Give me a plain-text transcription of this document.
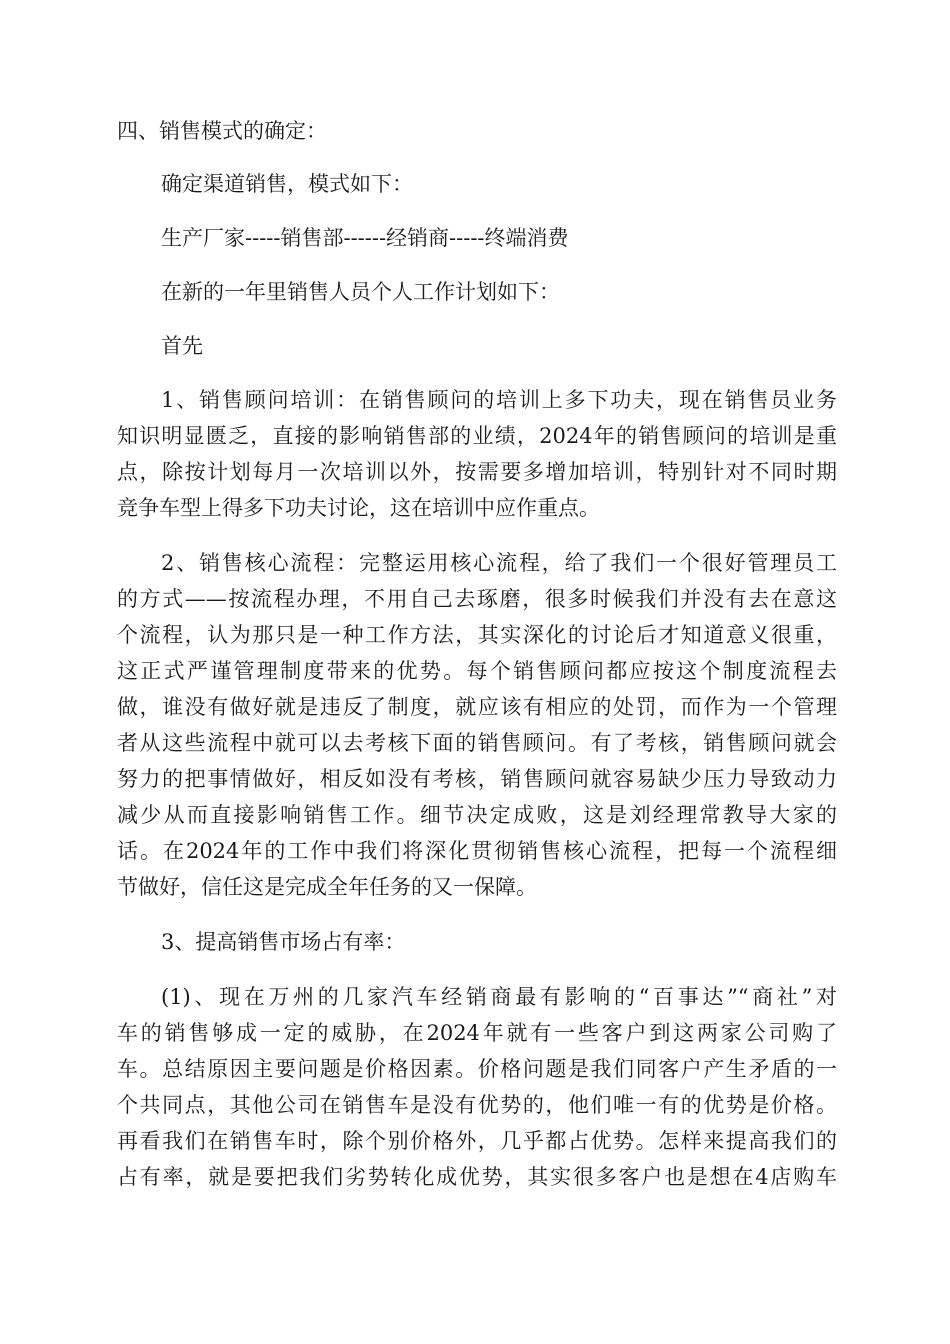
四、销售模式的确定：
确定渠道销售，模式如下：
生产厂家-----销售部------经销商-----终端消费
在新的一年里销售人员个人工作计划如下：
首先
1、销售顾问培训：在销售顾问的培训上多下功夫，现在销售员业务
知识明显匮乏，直接的影响销售部的业绩，2024年的销售顾问的培训是重
点，除按计划每月一次培训以外，按需要多增加培训，特别针对不同时期
竞争车型上得多下功夫讨论，这在培训中应作重点。
2、销售核心流程：完整运用核心流程，给了我们一个很好管理员工
的方式——按流程办理，不用自己去琢磨，很多时候我们并没有去在意这
个流程，认为那只是一种工作方法，其实深化的讨论后才知道意义很重，
这正式严谨管理制度带来的优势。每个销售顾问都应按这个制度流程去
做，谁没有做好就是违反了制度，就应该有相应的处罚，而作为一个管理
者从这些流程中就可以去考核下面的销售顾问。有了考核，销售顾问就会
努力的把事情做好，相反如没有考核，销售顾问就容易缺少压力导致动力
减少从而直接影响销售工作。细节决定成败，这是刘经理常教导大家的
话。在2024年的工作中我们将深化贯彻销售核心流程，把每一个流程细
节做好，信任这是完成全年任务的又一保障。
3、提高销售市场占有率：
(1)、现在万州的几家汽车经销商最有影响的“百事达”“商社”对
车的销售够成一定的威胁，在2024年就有一些客户到这两家公司购了
车。总结原因主要问题是价格因素。价格问题是我们同客户产生矛盾的一
个共同点，其他公司在销售车是没有优势的，他们唯一有的优势是价格。
再看我们在销售车时，除个别价格外，几乎都占优势。怎样来提高我们的
占有率，就是要把我们劣势转化成优势，其实很多客户也是想在4店购车
